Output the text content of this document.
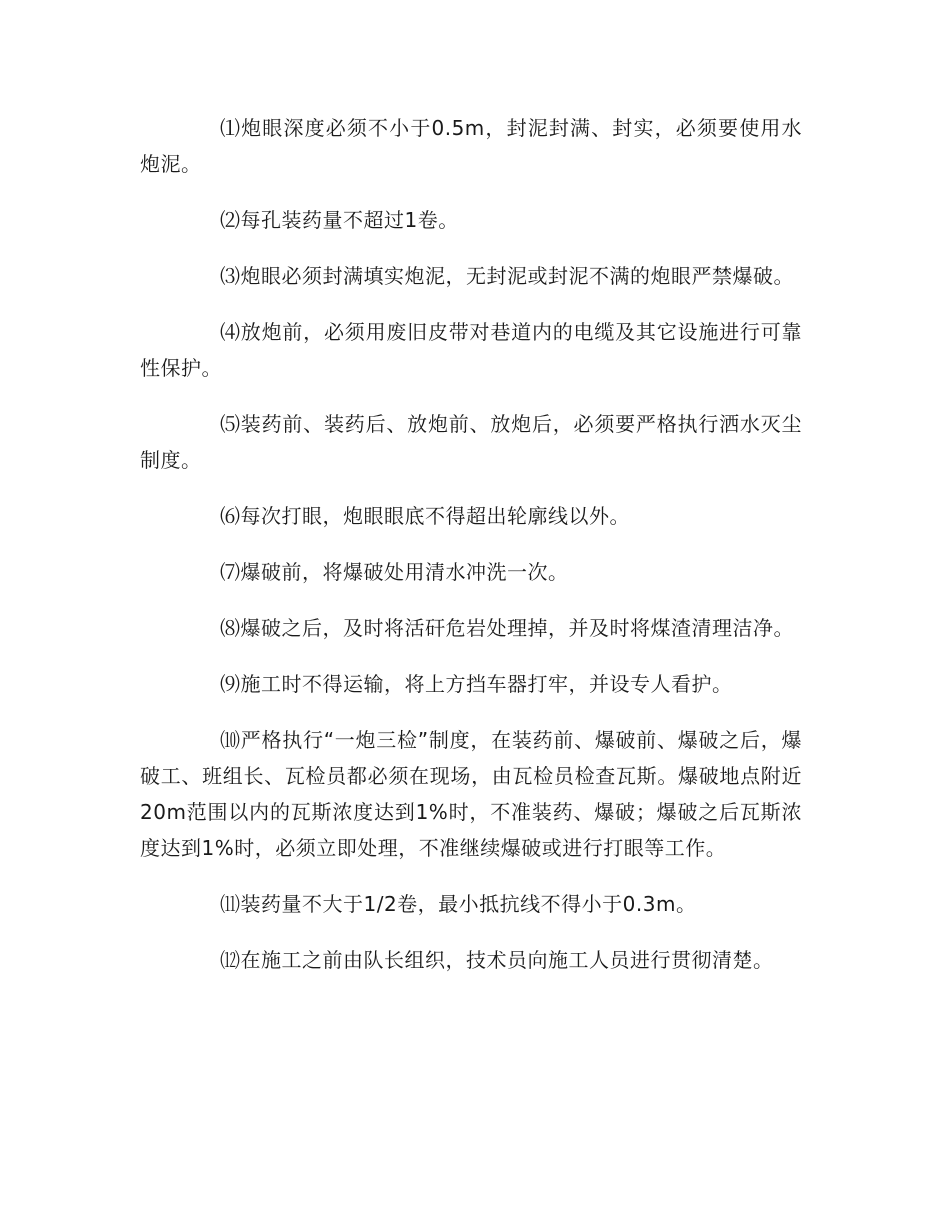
⑴炮眼深度必须不小于0.5m，封泥封满、封实，必须要使用水炮泥。

⑵每孔装药量不超过1卷。

⑶炮眼必须封满填实炮泥，无封泥或封泥不满的炮眼严禁爆破。

⑷放炮前，必须用废旧皮带对巷道内的电缆及其它设施进行可靠性保护。

⑸装药前、装药后、放炮前、放炮后，必须要严格执行洒水灭尘制度。

⑹每次打眼，炮眼眼底不得超出轮廓线以外。

⑺爆破前，将爆破处用清水冲洗一次。

⑻爆破之后，及时将活矸危岩处理掉，并及时将煤渣清理洁净。

⑼施工时不得运输，将上方挡车器打牢，并设专人看护。

⑽严格执行“一炮三检”制度，在装药前、爆破前、爆破之后，爆破工、班组长、瓦检员都必须在现场，由瓦检员检查瓦斯。爆破地点附近20m范围以内的瓦斯浓度达到1%时，不准装药、爆破；爆破之后瓦斯浓度达到1%时，必须立即处理，不准继续爆破或进行打眼等工作。

⑾装药量不大于1/2卷，最小抵抗线不得小于0.3m。

⑿在施工之前由队长组织，技术员向施工人员进行贯彻清楚。
